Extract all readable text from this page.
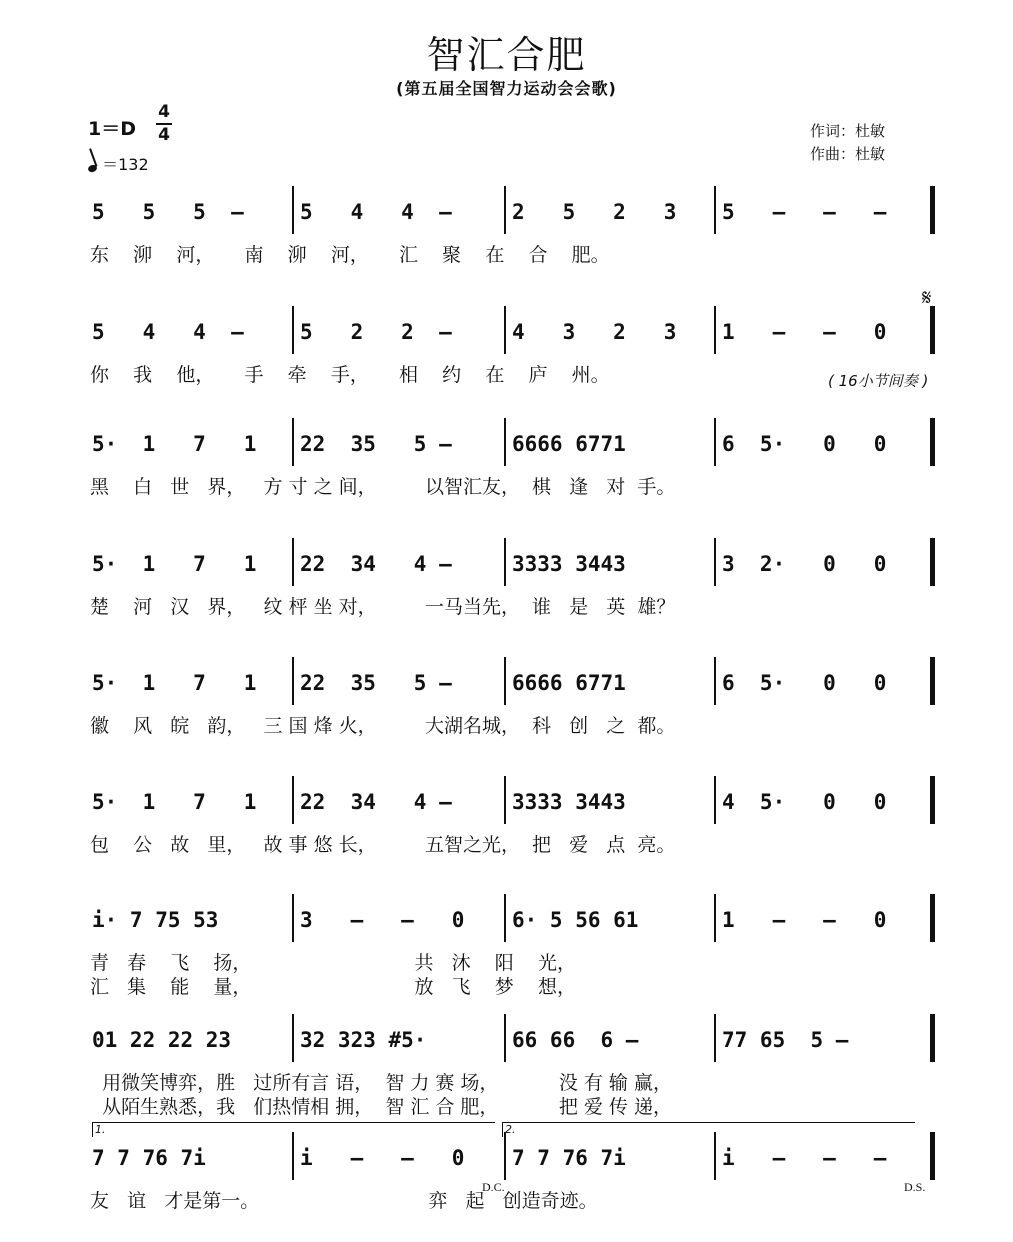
智汇合肥
(第五届全国智力运动会会歌)
1＝D
4
4
＝132
作词：杜敏
作曲：杜敏
5   5   5  –	5   4   4  –	2   5   2   3	5   –   –   –
东    泖    河，     南    泖    河，     汇    聚    在    合    肥。
5   4   4  –	5   2   2  –	4   3   2   3	1   –   –   0
你    我    他，     手    牵    手，     相    约    在    庐    州。
5·  1   7   1	22  35   5 –	6666 6771	6  5·   0   0
黑    白   世   界，   方 寸 之 间，        以智汇友，  棋   逢   对  手。
5·  1   7   1	22  34   4 –	3333 3443	3  2·   0   0
楚    河   汉   界，   纹 枰 坐 对，        一马当先，  谁   是   英  雄？
5·  1   7   1	22  35   5 –	6666 6771	6  5·   0   0
徽    风   皖   韵，   三 国 烽 火，        大湖名城，  科   创   之  都。
5·  1   7   1	22  34   4 –	3333 3443	4  5·   0   0
包    公   故   里，   故 事 悠 长，        五智之光，  把   爱   点  亮。
i· 7 75 53	3   –   –   0	6· 5 56 61	1   –   –   0
青   春    飞    扬，                           共   沐    阳    光，
汇   集    能    量，                           放   飞    梦    想，
01 22 22 23	32 323 #5·	66 66  6 –	77 65  5 –
用微笑博弈，胜   过所有言 语，  智 力 赛 场，          没 有 输 赢，
从陌生熟悉，我   们热情相 拥，  智 汇 合 肥，          把 爱 传 递，
7 7 76 7i	i   –   –   0	7 7 76 7i	i   –   –   –
友   谊   才是第一。                            弈   起   创造奇迹。
𝄋
( 16小节间奏 )
1.	2.
D.C.	D.S.
